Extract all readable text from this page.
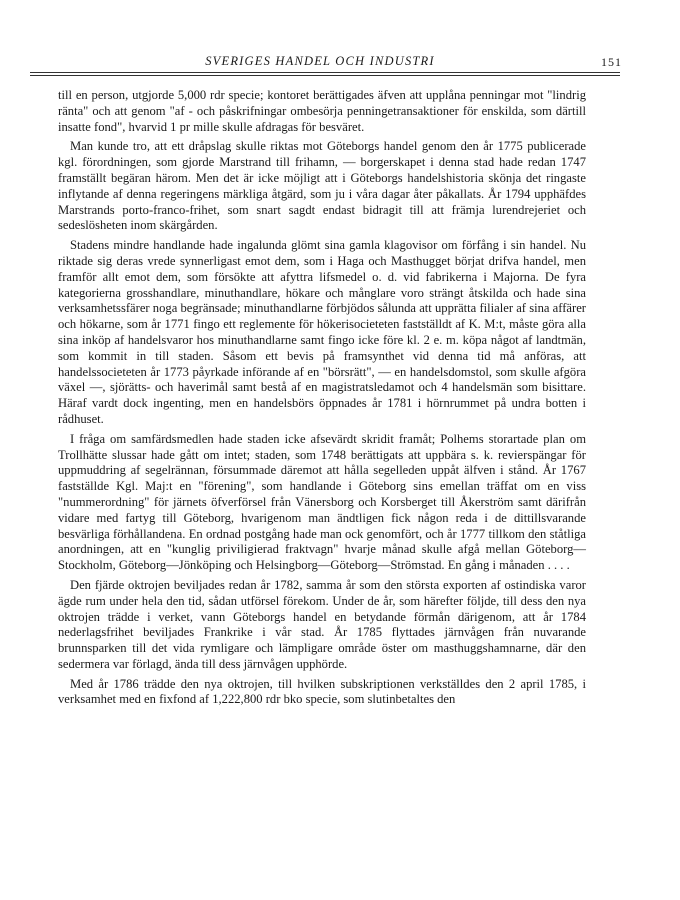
SVERIGES HANDEL OCH INDUSTRI	151

till en person, utgjorde 5,000 rdr specie; kontoret berättigades äfven att upplåna penningar mot "lindrig ränta" och att genom "af - och påskrifningar ombesörja penningetransaktioner för enskilda, som därtill insatte fond", hvarvid 1 pr mille skulle afdragas för besväret.

Man kunde tro, att ett dråpslag skulle riktas mot Göteborgs handel genom den år 1775 publicerade kgl. förordningen, som gjorde Marstrand till frihamn, — borgerskapet i denna stad hade redan 1747 framställt begäran härom. Men det är icke möjligt att i Göteborgs handelshistoria skönja det ringaste inflytande af denna regeringens märkliga åtgärd, som ju i våra dagar åter påkallats. År 1794 upphäfdes Marstrands porto-franco-frihet, som snart sagdt endast bidragit till att främja lurendrejeriet och sedeslösheten inom skärgården.

Stadens mindre handlande hade ingalunda glömt sina gamla klagovisor om förfång i sin handel. Nu riktade sig deras vrede synnerligast emot dem, som i Haga och Masthugget börjat drifva handel, men framför allt emot dem, som försökte att afyttra lifsmedel o. d. vid fabrikerna i Majorna. De fyra kategorierna grosshandlare, minuthandlare, hökare och månglare voro strängt åtskilda och hade sina verksamhetssfärer noga begränsade; minuthandlarne förbjödos sålunda att upprätta filialer af sina affärer och hökarne, som år 1771 fingo ett reglemente för hökerisocieteten fastställdt af K. M:t, måste göra alla sina inköp af handelsvaror hos minuthandlarne samt fingo icke före kl. 2 e. m. köpa något af landtmän, som kommit in till staden. Såsom ett bevis på framsynthet vid denna tid må anföras, att handelssocieteten år 1773 påyrkade införande af en "börsrätt", — en handelsdomstol, som skulle afgöra växel —, sjörätts- och haverimål samt bestå af en magistratsledamot och 4 handelsmän som bisittare. Häraf vardt dock ingenting, men en handelsbörs öppnades år 1781 i hörnrummet på undra botten i rådhuset.

I fråga om samfärdsmedlen hade staden icke afsevärdt skridit framåt; Polhems storartade plan om Trollhätte slussar hade gått om intet; staden, som 1748 berättigats att uppbära s. k. revierspängar för uppmuddring af segelrännan, försummade däremot att hålla segelleden uppåt älfven i stånd. År 1767 fastställde Kgl. Maj:t en "förening", som handlande i Göteborg sins emellan träffat om en viss "nummerordning" för järnets öfverförsel från Vänersborg och Korsberget till Åkerström samt därifrån vidare med fartyg till Göteborg, hvarigenom man ändtligen fick någon reda i de dittillsvarande besvärliga förhållandena. En ordnad postgång hade man ock genomfört, och år 1777 tillkom den ståtliga anordningen, att en "kunglig priviligierad fraktvagn" hvarje månad skulle afgå mellan Göteborg—Stockholm, Göteborg—Jönköping och Helsingborg—Göteborg—Strömstad. En gång i månaden . . . .

Den fjärde oktrojen beviljades redan år 1782, samma år som den största exporten af ostindiska varor ägde rum under hela den tid, sådan utförsel förekom. Under de år, som härefter följde, till dess den nya oktrojen trädde i verket, vann Göteborgs handel en betydande förmån därigenom, att år 1784 nederlagsfrihet beviljades Frankrike i vår stad. År 1785 flyttades järnvågen från nuvarande brunnsparken till det vida rymligare och lämpligare område öster om masthuggshamnarne, där den sedermera var förlagd, ända till dess järnvågen upphörde.

Med år 1786 trädde den nya oktrojen, till hvilken subskriptionen verkställdes den 2 april 1785, i verksamhet med en fixfond af 1,222,800 rdr bko specie, som slutinbetaltes den
